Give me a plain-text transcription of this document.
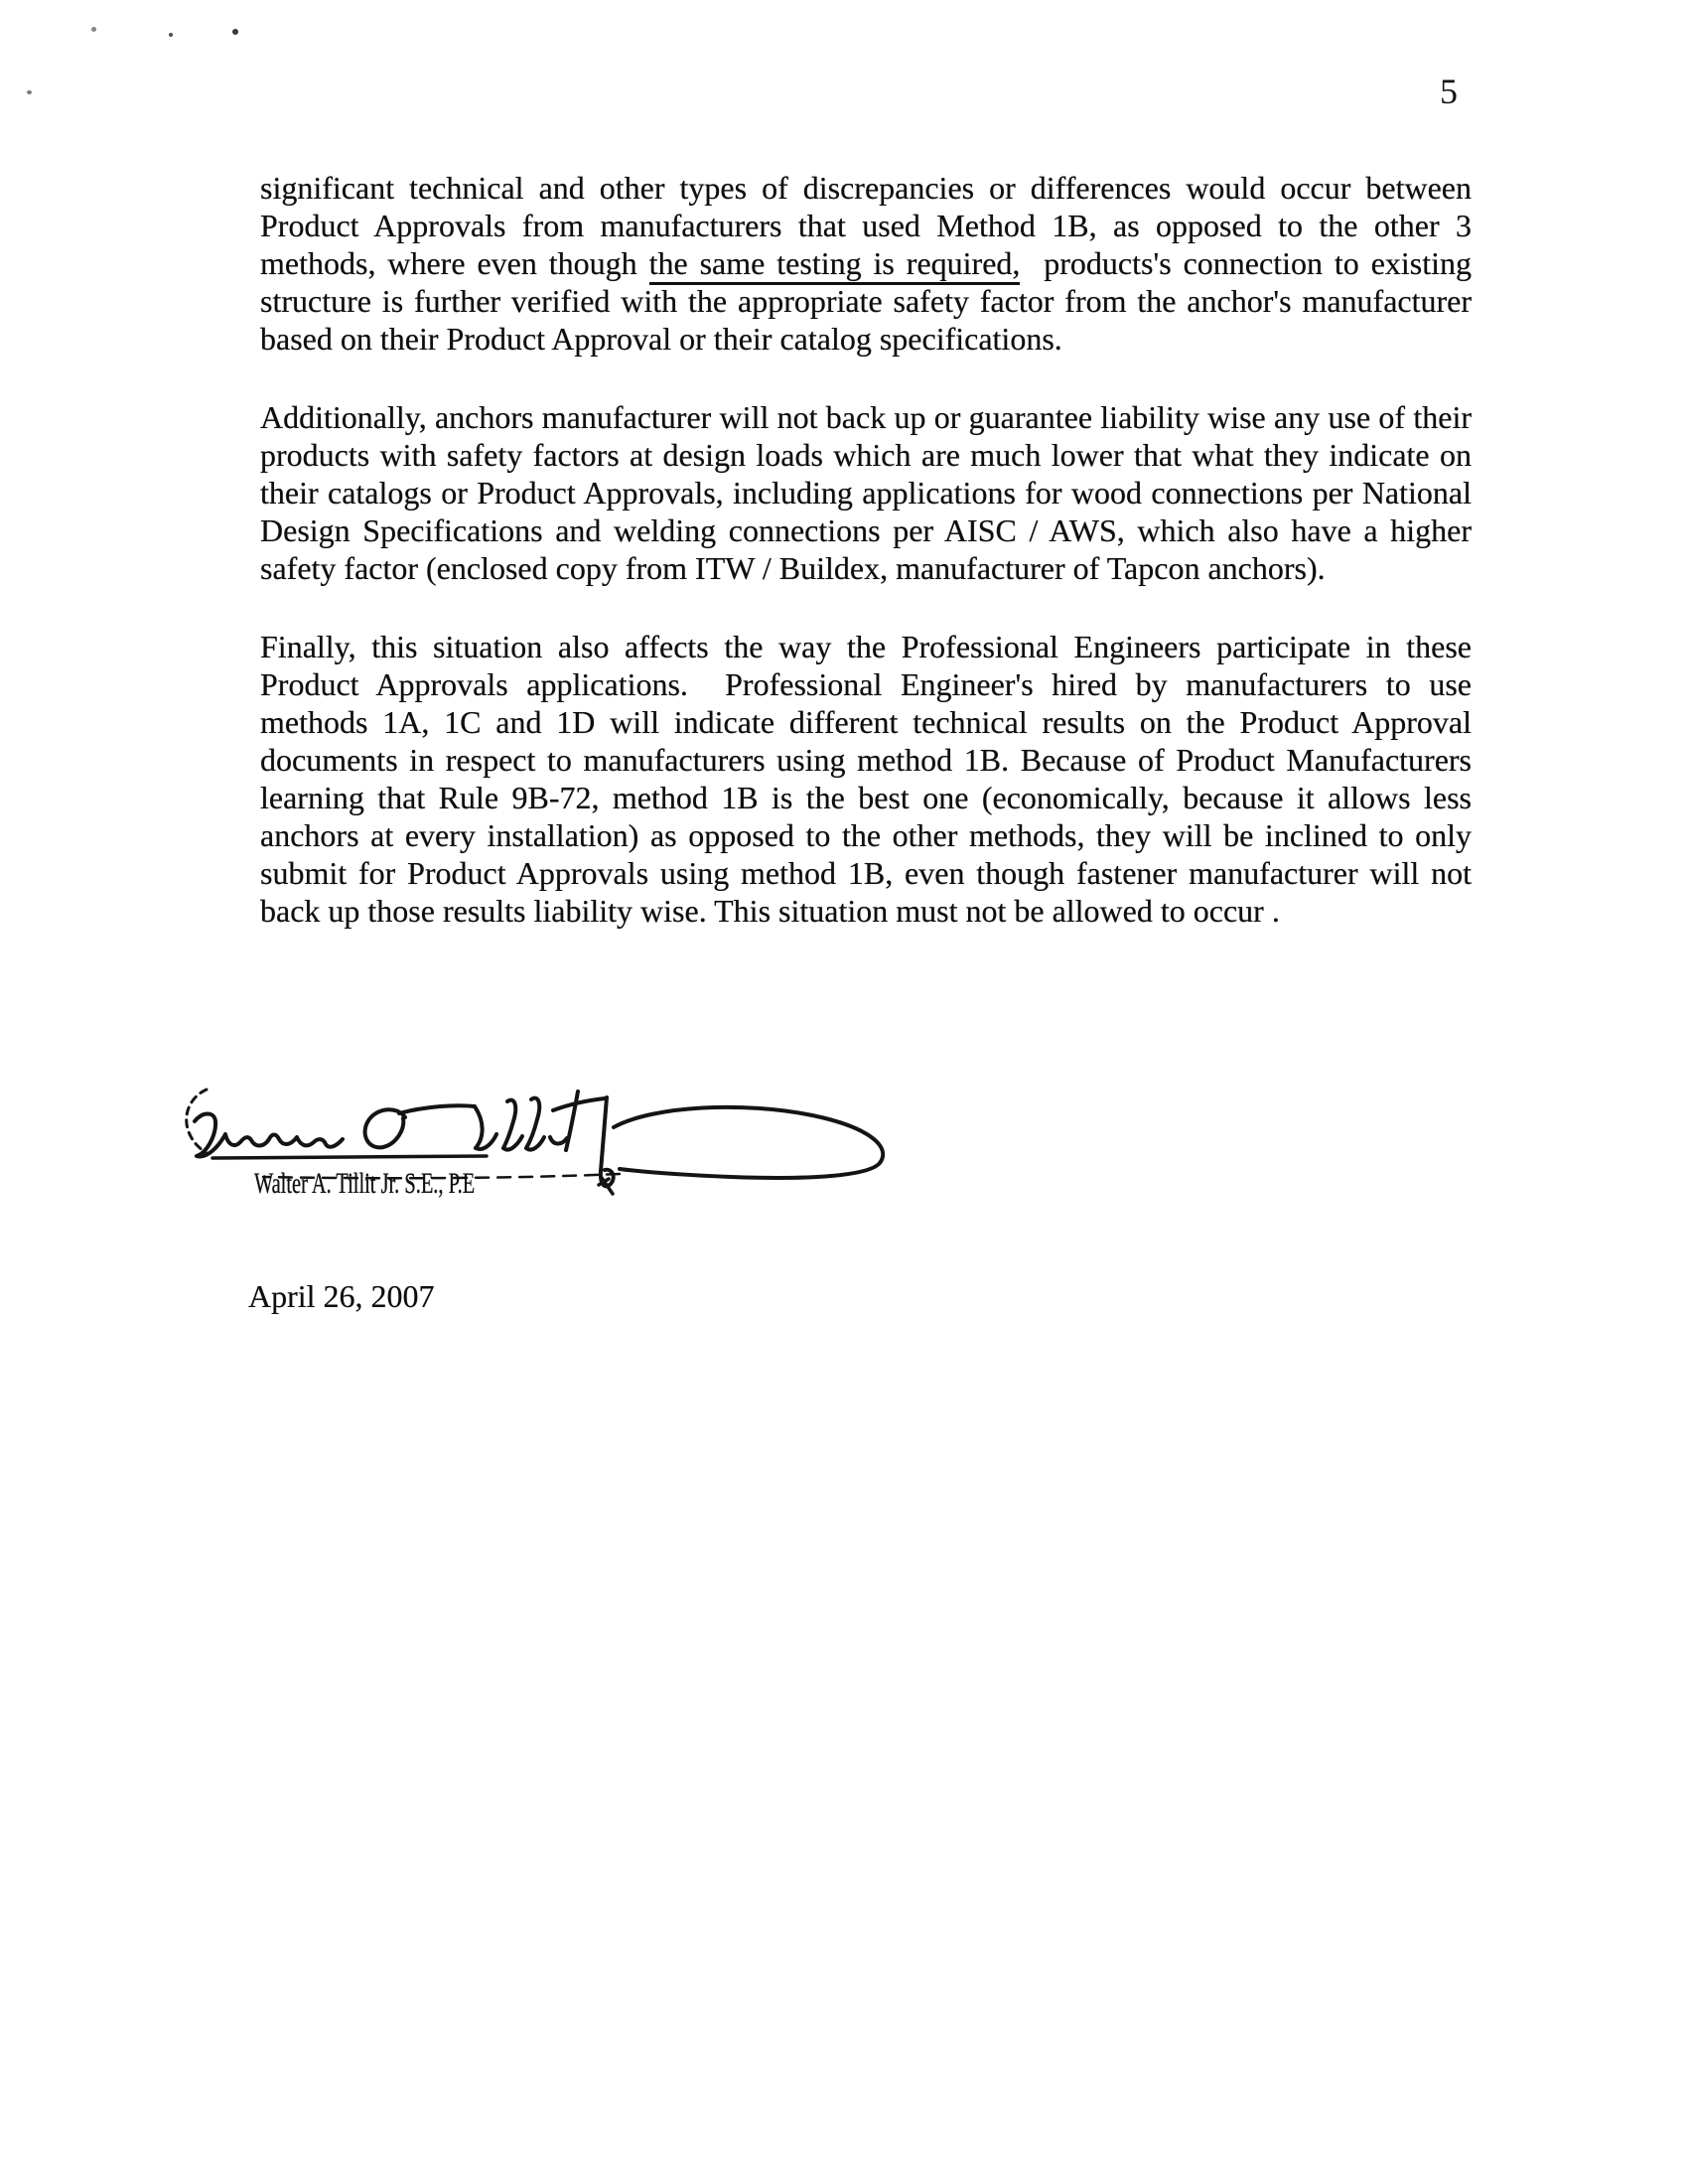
5

significant technical and other types of discrepancies or differences would occur between Product Approvals from manufacturers that used Method 1B, as opposed to the other 3 methods, where even though the same testing is required,  products's connection to existing structure is further verified with the appropriate safety factor from the anchor's manufacturer based on their Product Approval or their catalog specifications.

Additionally, anchors manufacturer will not back up or guarantee liability wise any use of their products with safety factors at design loads which are much lower that what they indicate on their catalogs or Product Approvals, including applications for wood connections per National Design Specifications and welding connections per AISC / AWS, which also have a higher safety factor (enclosed copy from ITW / Buildex, manufacturer of Tapcon anchors).

Finally, this situation also affects the way the Professional Engineers participate in these Product Approvals applications.  Professional Engineer's hired by manufacturers to use methods 1A, 1C and 1D will indicate different technical results on the Product Approval documents in respect to manufacturers using method 1B. Because of Product Manufacturers learning that Rule 9B-72, method 1B is the best one (economically, because it allows less anchors at every installation) as opposed to the other methods, they will be inclined to only submit for Product Approvals using method 1B, even though fastener manufacturer will not back up those results liability wise. This situation must not be allowed to occur .

Walter A. Tillit Jr. S.E., P.E
April 26, 2007
